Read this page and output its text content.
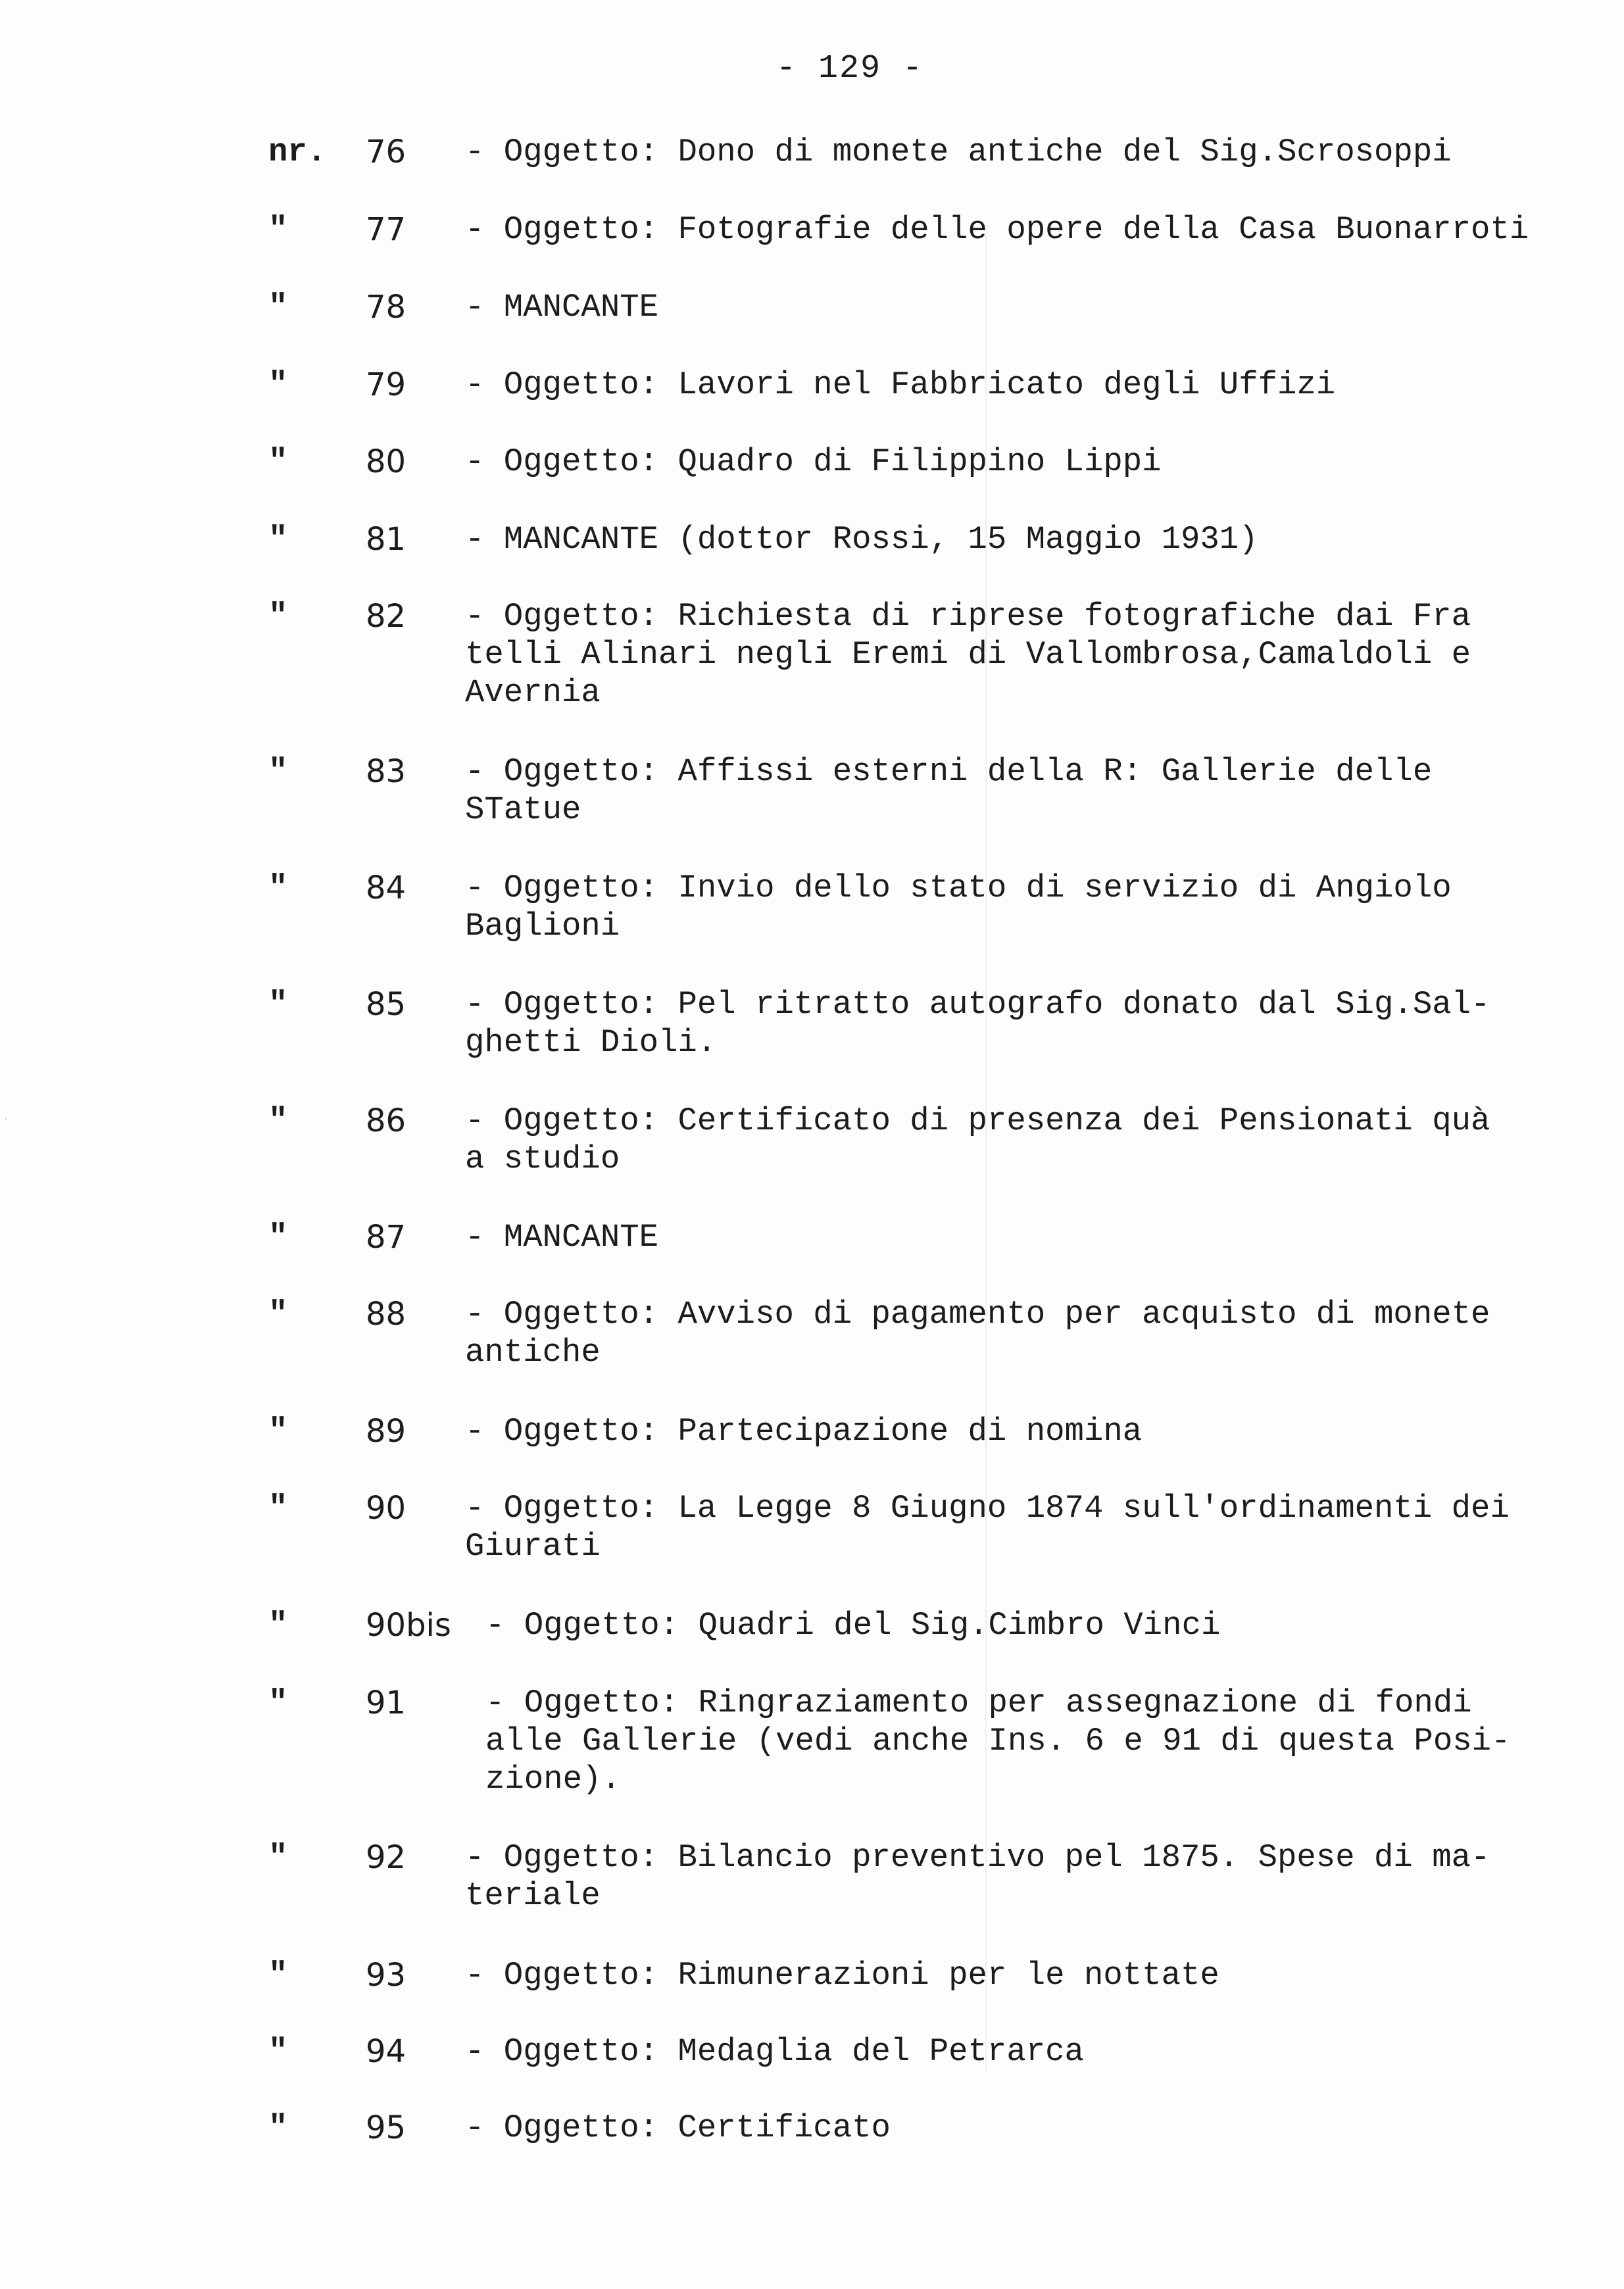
- 129 -
nr. 76 - Oggetto: Dono di monete antiche del Sig.Scrosoppi
" 77 - Oggetto: Fotografie delle opere della Casa Buonarroti
" 78 - MANCANTE
" 79 - Oggetto: Lavori nel Fabbricato degli Uffizi
" 80 - Oggetto: Quadro di Filippino Lippi
" 81 - MANCANTE (dottor Rossi, 15 Maggio 1931)
" 82 - Oggetto: Richiesta di riprese fotografiche dai Fra
telli Alinari negli Eremi di Vallombrosa,Camaldoli e
Avernia
" 83 - Oggetto: Affissi esterni della R: Gallerie delle
STatue
" 84 - Oggetto: Invio dello stato di servizio di Angiolo
Baglioni
" 85 - Oggetto: Pel ritratto autografo donato dal Sig.Sal-
ghetti Dioli.
" 86 - Oggetto: Certificato di presenza dei Pensionati quà
a studio
" 87 - MANCANTE
" 88 - Oggetto: Avviso di pagamento per acquisto di monete
antiche
" 89 - Oggetto: Partecipazione di nomina
" 90 - Oggetto: La Legge 8 Giugno 1874 sull'ordinamenti dei
Giurati
" 90bis - Oggetto: Quadri del Sig.Cimbro Vinci
" 91 - Oggetto: Ringraziamento per assegnazione di fondi
alle Gallerie (vedi anche Ins. 6 e 91 di questa Posi-
zione).
" 92 - Oggetto: Bilancio preventivo pel 1875. Spese di ma-
teriale
" 93 - Oggetto: Rimunerazioni per le nottate
" 94 - Oggetto: Medaglia del Petrarca
" 95 - Oggetto: Certificato
